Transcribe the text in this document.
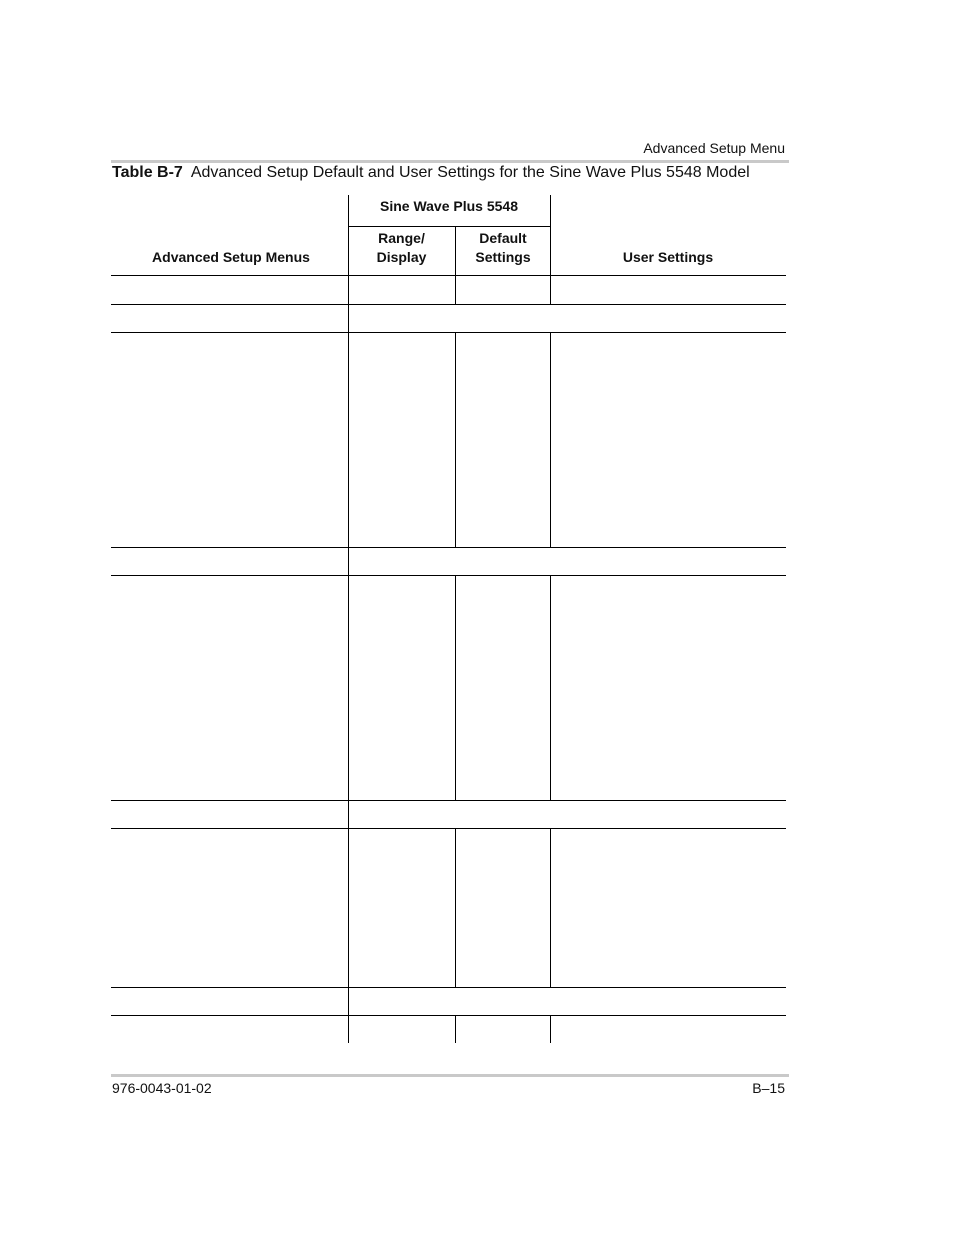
Advanced Setup Menu
Table B-7 Advanced Setup Default and User Settings for the Sine Wave Plus 5548 Model
Sine Wave Plus 5548
Advanced Setup Menus
Range/
Display
Default
Settings	User Settings
976-0043-01-02	B–15
